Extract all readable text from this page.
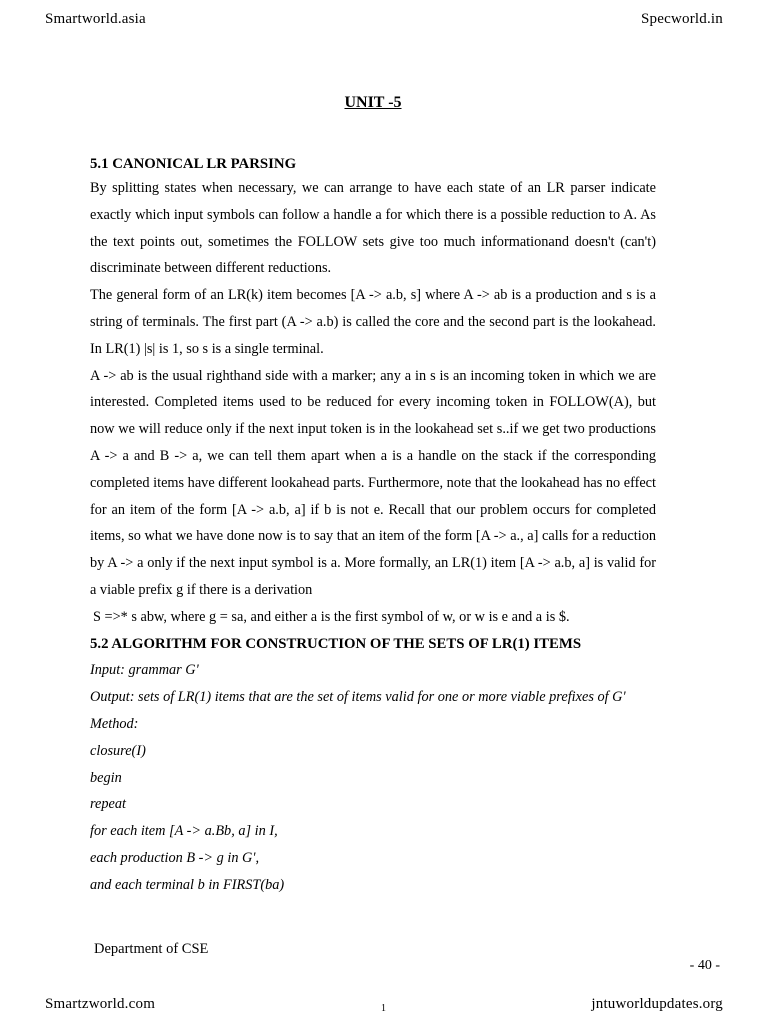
Smartworld.asia	Specworld.in
UNIT -5

5.1 CANONICAL LR PARSING

By splitting states when necessary, we can arrange to have each state of an LR parser indicate exactly which input symbols can follow a handle a for which there is a possible reduction to A. As the text points out, sometimes the FOLLOW sets give too much informationand doesn't (can't) discriminate between different reductions.

The general form of an LR(k) item becomes [A -> a.b, s] where A -> ab is a production and s is a string of terminals. The first part (A -> a.b) is called the core and the second part is the lookahead. In LR(1) |s| is 1, so s is a single terminal.

A -> ab is the usual righthand side with a marker; any a in s is an incoming token in which we are interested. Completed items used to be reduced for every incoming token in FOLLOW(A), but now we will reduce only if the next input token is in the lookahead set s..if we get two productions A -> a and B -> a, we can tell them apart when a is a handle on the stack if the corresponding completed items have different lookahead parts. Furthermore, note that the lookahead has no effect for an item of the form [A -> a.b, a] if b is not e. Recall that our problem occurs for completed items, so what we have done now is to say that an item of the form [A -> a., a] calls for a reduction by A -> a only if the next input symbol is a. More formally, an LR(1) item [A -> a.b, a] is valid for a viable prefix g if there is a derivation

S =>* s abw, where g = sa, and either a is the first symbol of w, or w is e and a is $.

5.2 ALGORITHM FOR CONSTRUCTION OF THE SETS OF LR(1) ITEMS

Input: grammar G'

Output: sets of LR(1) items that are the set of items valid for one or more viable prefixes of G'

Method:

closure(I)

begin

repeat

for each item [A -> a.Bb, a] in I,

each production B -> g in G',

and each terminal b in FIRST(ba)

Department of CSE
- 40 -
Smartzworld.com	1	jntuworldupdates.org
